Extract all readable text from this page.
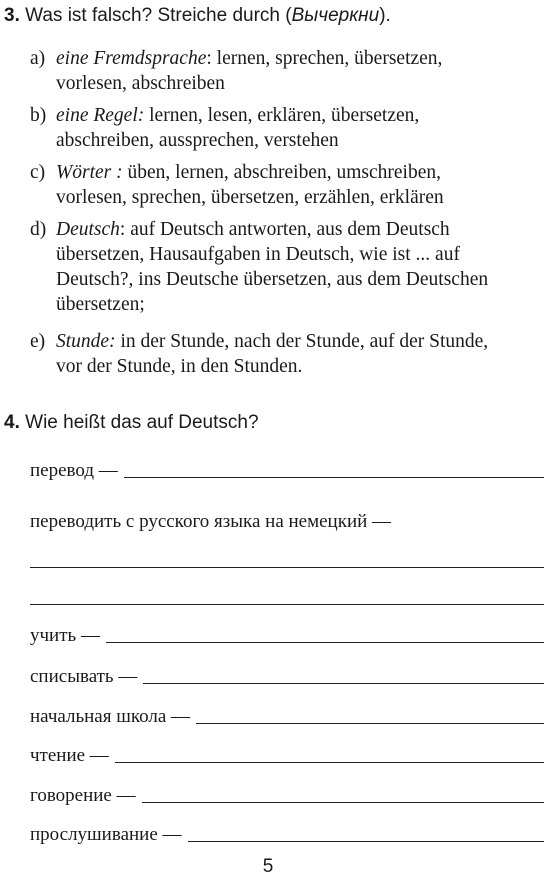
3. Was ist falsch? Streiche durch (Вычеркни).
a) eine Fremdsprache: lernen, sprechen, übersetzen,
vorlesen, abschreiben
b) eine Regel: lernen, lesen, erklären, übersetzen,
abschreiben, aussprechen, verstehen
c) Wörter : üben, lernen, abschreiben, umschreiben,
vorlesen, sprechen, übersetzen, erzählen, erklären
d) Deutsch: auf Deutsch antworten, aus dem Deutsch
übersetzen, Hausaufgaben in Deutsch, wie ist ... auf
Deutsch?, ins Deutsche übersetzen, aus dem Deutschen
übersetzen;
e) Stunde: in der Stunde, nach der Stunde, auf der Stunde,
vor der Stunde, in den Stunden.
4. Wie heißt das auf Deutsch?
перевод —
переводить с русского языка на немецкий —
учить —
списывать —
начальная школа —
чтение —
говорение —
прослушивание —
5
